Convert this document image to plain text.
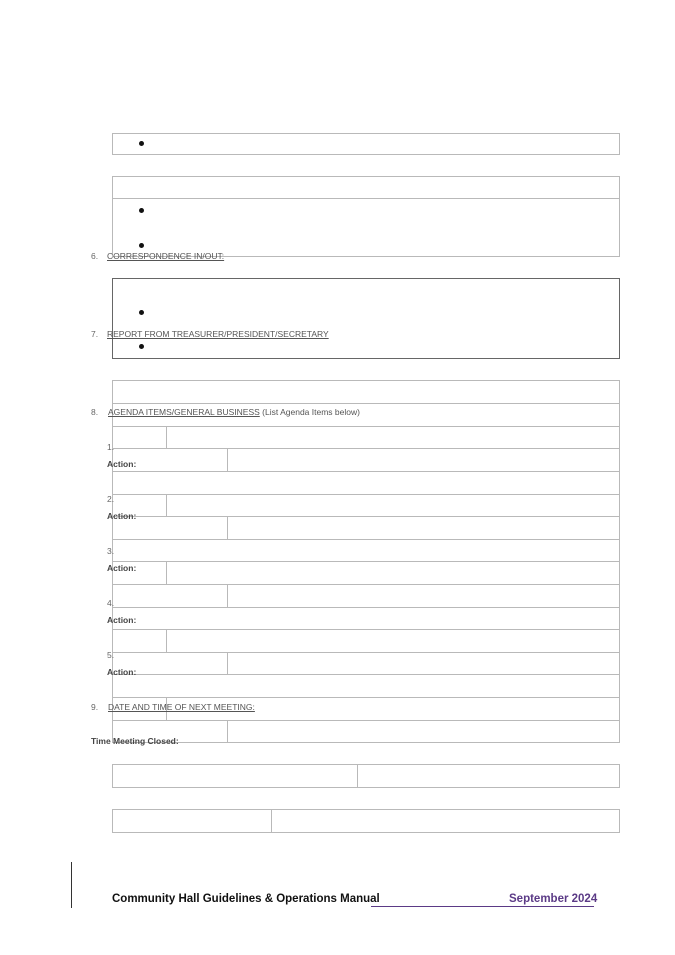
6. CORRESPONDENCE IN/OUT:
7. REPORT FROM TREASURER/PRESIDENT/SECRETARY
8. AGENDA ITEMS/GENERAL BUSINESS (List Agenda Items below)
1.
Action:
2.
Action:
3.
Action:
4.
Action:
5.
Action:
9. DATE AND TIME OF NEXT MEETING:
Time Meeting Closed:
Community Hall Guidelines & Operations Manual	September 2024
